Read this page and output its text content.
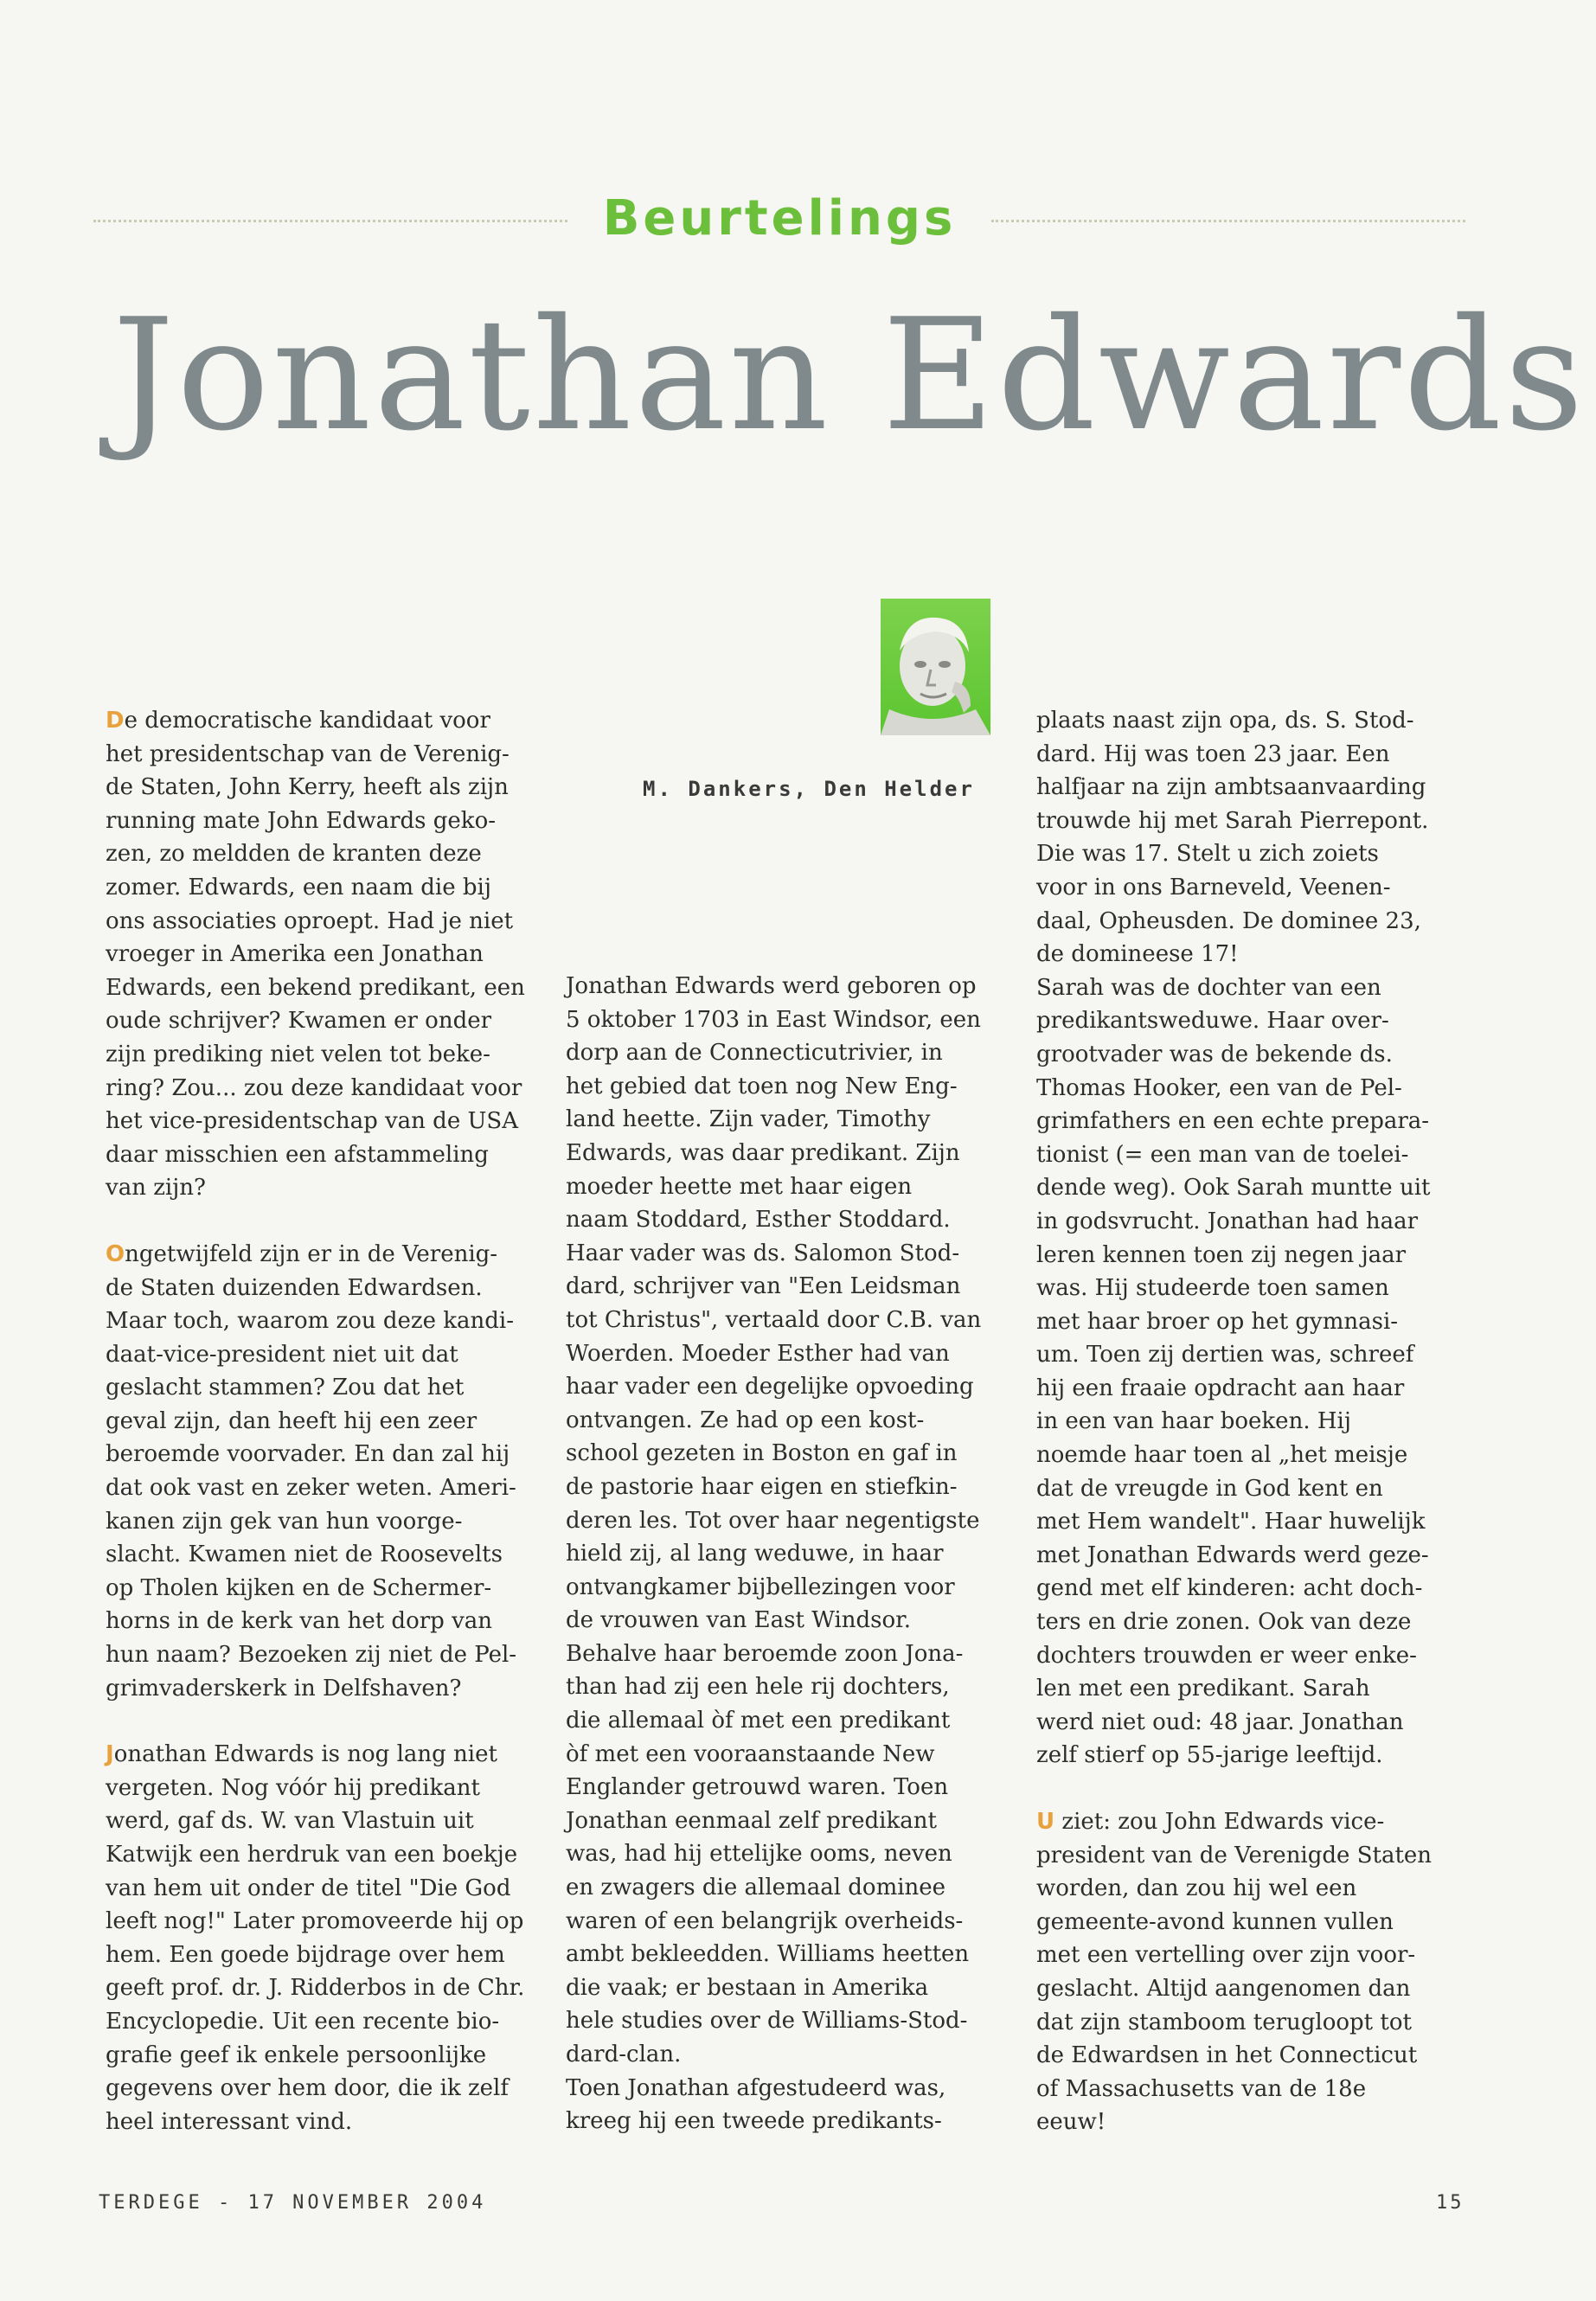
Beurtelings
Jonathan Edwards
M. Dankers, Den Helder

De democratische kandidaat voor
het presidentschap van de Verenig-
de Staten, John Kerry, heeft als zijn
running mate John Edwards geko-
zen, zo meldden de kranten deze
zomer. Edwards, een naam die bij
ons associaties oproept. Had je niet
vroeger in Amerika een Jonathan
Edwards, een bekend predikant, een
oude schrijver? Kwamen er onder
zijn prediking niet velen tot beke-
ring? Zou... zou deze kandidaat voor
het vice-presidentschap van de USA
daar misschien een afstammeling
van zijn?

Ongetwijfeld zijn er in de Verenig-
de Staten duizenden Edwardsen.
Maar toch, waarom zou deze kandi-
daat-vice-president niet uit dat
geslacht stammen? Zou dat het
geval zijn, dan heeft hij een zeer
beroemde voorvader. En dan zal hij
dat ook vast en zeker weten. Ameri-
kanen zijn gek van hun voorge-
slacht. Kwamen niet de Roosevelts
op Tholen kijken en de Schermer-
horns in de kerk van het dorp van
hun naam? Bezoeken zij niet de Pel-
grimvaderskerk in Delfshaven?

Jonathan Edwards is nog lang niet
vergeten. Nog vóór hij predikant
werd, gaf ds. W. van Vlastuin uit
Katwijk een herdruk van een boekje
van hem uit onder de titel "Die God
leeft nog!" Later promoveerde hij op
hem. Een goede bijdrage over hem
geeft prof. dr. J. Ridderbos in de Chr.
Encyclopedie. Uit een recente bio-
grafie geef ik enkele persoonlijke
gegevens over hem door, die ik zelf
heel interessant vind.

Jonathan Edwards werd geboren op
5 oktober 1703 in East Windsor, een
dorp aan de Connecticutrivier, in
het gebied dat toen nog New Eng-
land heette. Zijn vader, Timothy
Edwards, was daar predikant. Zijn
moeder heette met haar eigen
naam Stoddard, Esther Stoddard.
Haar vader was ds. Salomon Stod-
dard, schrijver van "Een Leidsman
tot Christus", vertaald door C.B. van
Woerden. Moeder Esther had van
haar vader een degelijke opvoeding
ontvangen. Ze had op een kost-
school gezeten in Boston en gaf in
de pastorie haar eigen en stiefkin-
deren les. Tot over haar negentigste
hield zij, al lang weduwe, in haar
ontvangkamer bijbellezingen voor
de vrouwen van East Windsor.
Behalve haar beroemde zoon Jona-
than had zij een hele rij dochters,
die allemaal òf met een predikant
òf met een vooraanstaande New
Englander getrouwd waren. Toen
Jonathan eenmaal zelf predikant
was, had hij ettelijke ooms, neven
en zwagers die allemaal dominee
waren of een belangrijk overheids-
ambt bekleedden. Williams heetten
die vaak; er bestaan in Amerika
hele studies over de Williams-Stod-
dard-clan.
Toen Jonathan afgestudeerd was,
kreeg hij een tweede predikants-

plaats naast zijn opa, ds. S. Stod-
dard. Hij was toen 23 jaar. Een
halfjaar na zijn ambtsaanvaarding
trouwde hij met Sarah Pierrepont.
Die was 17. Stelt u zich zoiets
voor in ons Barneveld, Veenen-
daal, Opheusden. De dominee 23,
de domineese 17!
Sarah was de dochter van een
predikantsweduwe. Haar over-
grootvader was de bekende ds.
Thomas Hooker, een van de Pel-
grimfathers en een echte prepara-
tionist (= een man van de toelei-
dende weg). Ook Sarah muntte uit
in godsvrucht. Jonathan had haar
leren kennen toen zij negen jaar
was. Hij studeerde toen samen
met haar broer op het gymnasi-
um. Toen zij dertien was, schreef
hij een fraaie opdracht aan haar
in een van haar boeken. Hij
noemde haar toen al „het meisje
dat de vreugde in God kent en
met Hem wandelt". Haar huwelijk
met Jonathan Edwards werd geze-
gend met elf kinderen: acht doch-
ters en drie zonen. Ook van deze
dochters trouwden er weer enke-
len met een predikant. Sarah
werd niet oud: 48 jaar. Jonathan
zelf stierf op 55-jarige leeftijd.

U ziet: zou John Edwards vice-
president van de Verenigde Staten
worden, dan zou hij wel een
gemeente-avond kunnen vullen
met een vertelling over zijn voor-
geslacht. Altijd aangenomen dan
dat zijn stamboom terugloopt tot
de Edwardsen in het Connecticut
of Massachusetts van de 18e
eeuw!

TERDEGE - 17 NOVEMBER 2004	15
